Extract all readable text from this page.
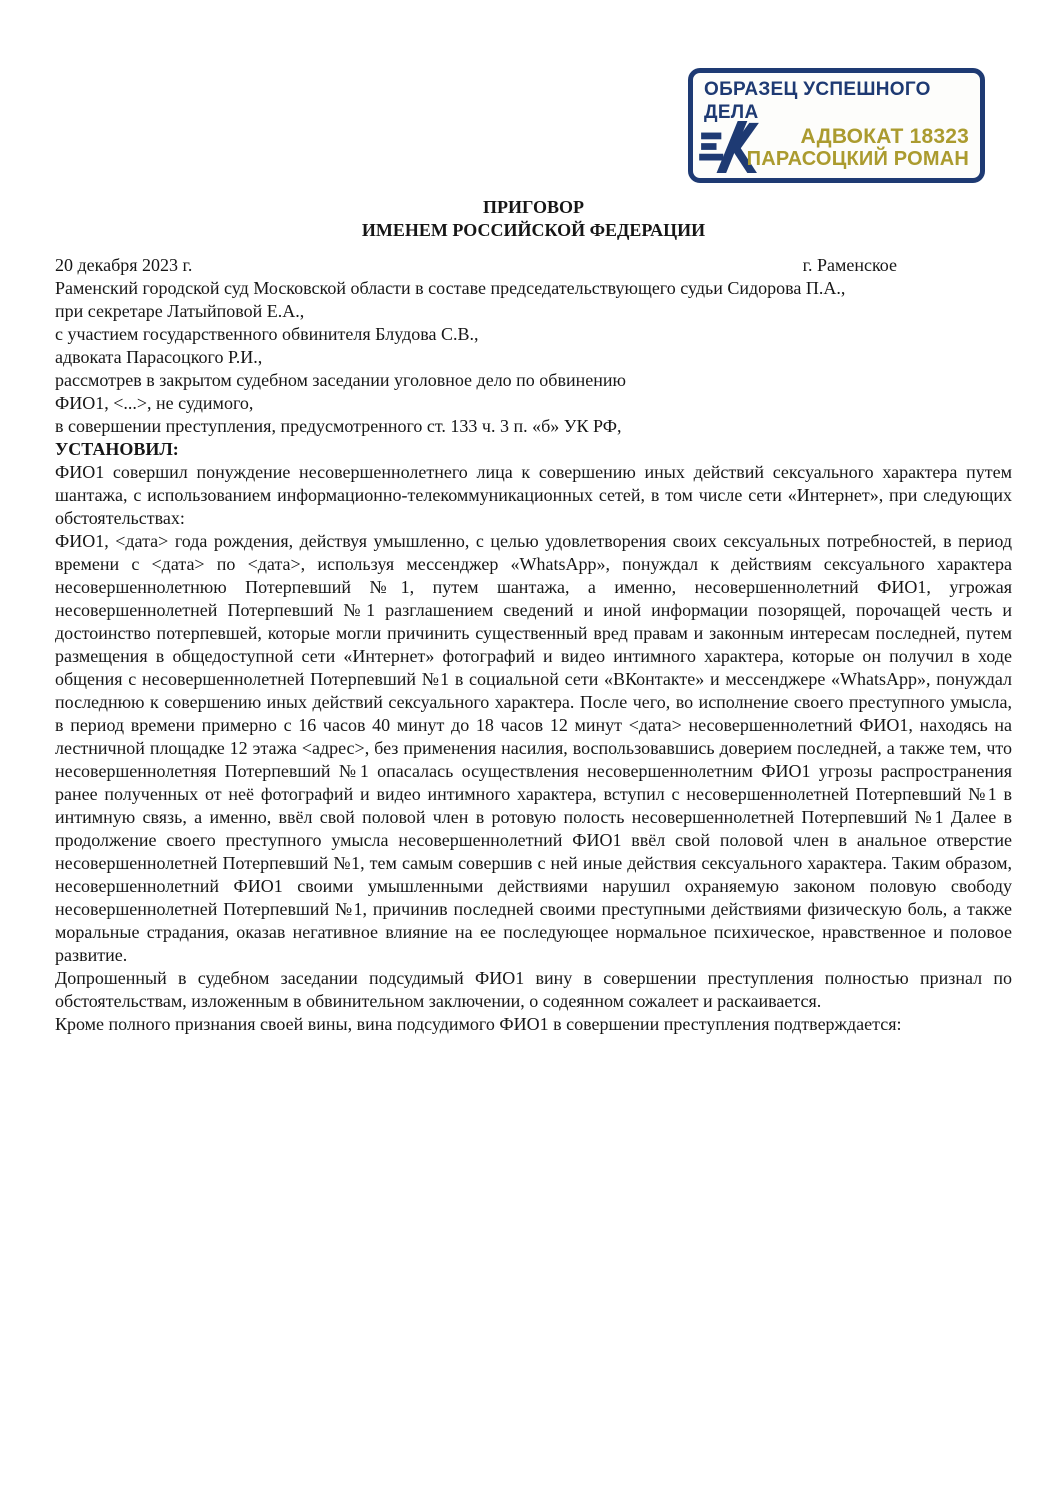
ОБРАЗЕЦ УСПЕШНОГО
ДЕЛА
АДВОКАТ 18323
ПАРАСОЦКИЙ РОМАН

ПРИГОВОР

ИМЕНЕМ РОССИЙСКОЙ ФЕДЕРАЦИИ

20 декабря 2023 г.	г. Раменское

Раменский городской суд Московской области в составе председательствующего судьи Сидорова П.А.,

при секретаре Латыйповой Е.А.,

с участием государственного обвинителя Блудова С.В.,

адвоката Парасоцкого Р.И.,

рассмотрев в закрытом судебном заседании уголовное дело по обвинению

ФИО1, <...>, не судимого,

в совершении преступления, предусмотренного ст. 133 ч. 3 п. «б» УК РФ,

УСТАНОВИЛ:

ФИО1 совершил понуждение несовершеннолетнего лица к совершению иных действий сексуального характера путем шантажа, с использованием информационно-телекоммуникационных сетей, в том числе сети «Интернет», при следующих обстоятельствах:

ФИО1, <дата> года рождения, действуя умышленно, с целью удовлетворения своих сексуальных потребностей, в период времени с <дата> по <дата>, используя мессенджер «WhatsApp», понуждал к действиям сексуального характера несовершеннолетнюю Потерпевший №1, путем шантажа, а именно, несовершеннолетний ФИО1, угрожая несовершеннолетней Потерпевший №1 разглашением сведений и иной информации позорящей, порочащей честь и достоинство потерпевшей, которые могли причинить существенный вред правам и законным интересам последней, путем размещения в общедоступной сети «Интернет» фотографий и видео интимного характера, которые он получил в ходе общения с несовершеннолетней Потерпевший №1 в социальной сети «ВКонтакте» и мессенджере «WhatsApp», понуждал последнюю к совершению иных действий сексуального характера. После чего, во исполнение своего преступного умысла, в период времени примерно с 16 часов 40 минут до 18 часов 12 минут <дата> несовершеннолетний ФИО1, находясь на лестничной площадке 12 этажа <адрес>, без применения насилия, воспользовавшись доверием последней, а также тем, что несовершеннолетняя Потерпевший №1 опасалась осуществления несовершеннолетним ФИО1 угрозы распространения ранее полученных от неё фотографий и видео интимного характера, вступил с несовершеннолетней Потерпевший №1 в интимную связь, а именно, ввёл свой половой член в ротовую полость несовершеннолетней Потерпевший №1 Далее в продолжение своего преступного умысла несовершеннолетний ФИО1 ввёл свой половой член в анальное отверстие несовершеннолетней Потерпевший №1, тем самым совершив с ней иные действия сексуального характера. Таким образом, несовершеннолетний ФИО1 своими умышленными действиями нарушил охраняемую законом половую свободу несовершеннолетней Потерпевший №1, причинив последней своими преступными действиями физическую боль, а также моральные страдания, оказав негативное влияние на ее последующее нормальное психическое, нравственное и половое развитие.

Допрошенный в судебном заседании подсудимый ФИО1 вину в совершении преступления полностью признал по обстоятельствам, изложенным в обвинительном заключении, о содеянном сожалеет и раскаивается.

Кроме полного признания своей вины, вина подсудимого ФИО1 в совершении преступления подтверждается:
